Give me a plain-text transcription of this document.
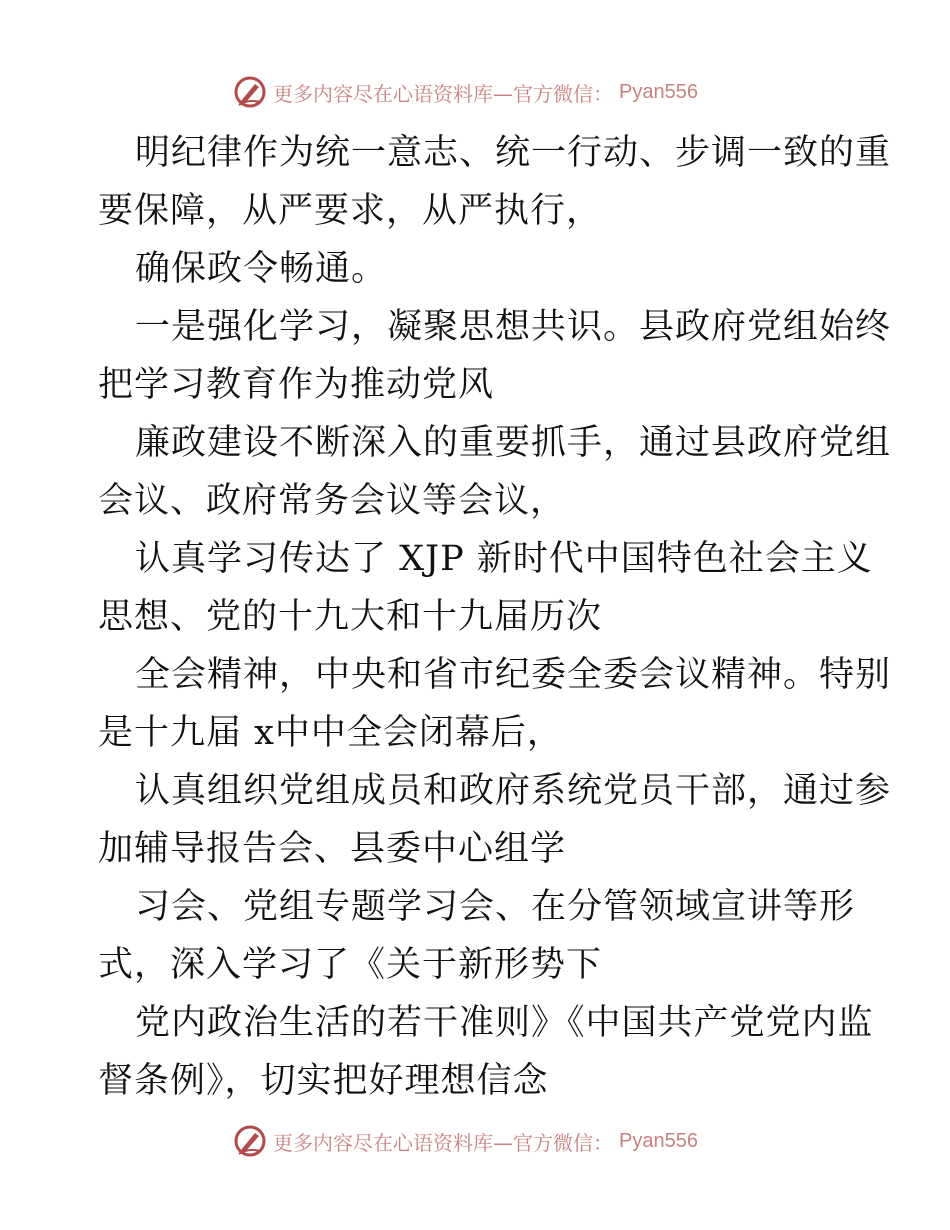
更多内容尽在心语资料库—官方微信： Pyan556
明纪律作为统一意志、统一行动、步调一致的重
要保障，从严要求，从严执行，
确保政令畅通。
一是强化学习，凝聚思想共识。县政府党组始终
把学习教育作为推动党风
廉政建设不断深入的重要抓手，通过县政府党组
会议、政府常务会议等会议，
认真学习传达了 XJP 新时代中国特色社会主义
思想、党的十九大和十九届历次
全会精神，中央和省市纪委全委会议精神。特别
是十九届 x中中全会闭幕后，
认真组织党组成员和政府系统党员干部，通过参
加辅导报告会、县委中心组学
习会、党组专题学习会、在分管领域宣讲等形
式，深入学习了《关于新形势下
党内政治生活的若干准则》《中国共产党党内监
督条例》，切实把好理想信念
更多内容尽在心语资料库—官方微信： Pyan556
